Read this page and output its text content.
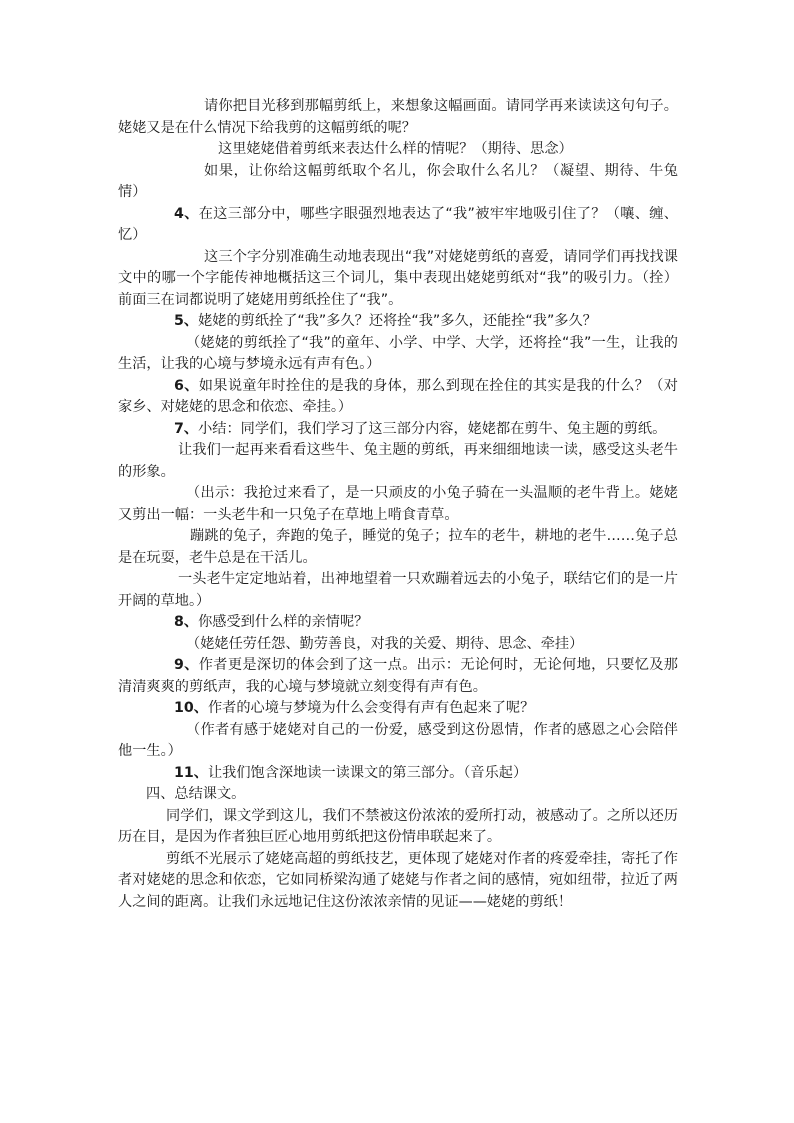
请你把目光移到那幅剪纸上，来想象这幅画面。请同学再来读读这句句子。姥姥又是在什么情况下给我剪的这幅剪纸的呢？

这里姥姥借着剪纸来表达什么样的情呢？（期待、思念）

如果，让你给这幅剪纸取个名儿，你会取什么名儿？（凝望、期待、牛兔情）

4、在这三部分中，哪些字眼强烈地表达了“我”被牢牢地吸引住了？（嚷、缠、忆）

这三个字分别准确生动地表现出“我”对姥姥剪纸的喜爱，请同学们再找找课文中的哪一个字能传神地概括这三个词儿，集中表现出姥姥剪纸对“我”的吸引力。（拴）前面三在词都说明了姥姥用剪纸拴住了“我”。

5、姥姥的剪纸拴了“我”多久？还将拴“我”多久，还能拴“我”多久？

（姥姥的剪纸拴了“我”的童年、小学、中学、大学，还将拴“我”一生，让我的生活，让我的心境与梦境永远有声有色。）

6、如果说童年时拴住的是我的身体，那么到现在拴住的其实是我的什么？（对家乡、对姥姥的思念和依恋、牵挂。）

7、小结：同学们，我们学习了这三部分内容，姥姥都在剪牛、兔主题的剪纸。

让我们一起再来看看这些牛、兔主题的剪纸，再来细细地读一读，感受这头老牛的形象。

（出示：我抢过来看了，是一只顽皮的小兔子骑在一头温顺的老牛背上。姥姥又剪出一幅：一头老牛和一只兔子在草地上啃食青草。

蹦跳的兔子，奔跑的兔子，睡觉的兔子；拉车的老牛，耕地的老牛……兔子总是在玩耍，老牛总是在干活儿。

一头老牛定定地站着，出神地望着一只欢蹦着远去的小兔子，联结它们的是一片开阔的草地。）

8、你感受到什么样的亲情呢？

（姥姥任劳任怨、勤劳善良，对我的关爱、期待、思念、牵挂）

9、作者更是深切的体会到了这一点。出示：无论何时，无论何地，只要忆及那清清爽爽的剪纸声，我的心境与梦境就立刻变得有声有色。

10、作者的心境与梦境为什么会变得有声有色起来了呢？

（作者有感于姥姥对自己的一份爱，感受到这份恩情，作者的感恩之心会陪伴他一生。）

11、让我们饱含深地读一读课文的第三部分。（音乐起）

四、总结课文。

同学们，课文学到这儿，我们不禁被这份浓浓的爱所打动，被感动了。之所以还历历在目，是因为作者独巨匠心地用剪纸把这份情串联起来了。

剪纸不光展示了姥姥高超的剪纸技艺，更体现了姥姥对作者的疼爱牵挂，寄托了作者对姥姥的思念和依恋，它如同桥梁沟通了姥姥与作者之间的感情，宛如纽带，拉近了两人之间的距离。让我们永远地记住这份浓浓亲情的见证——姥姥的剪纸！
